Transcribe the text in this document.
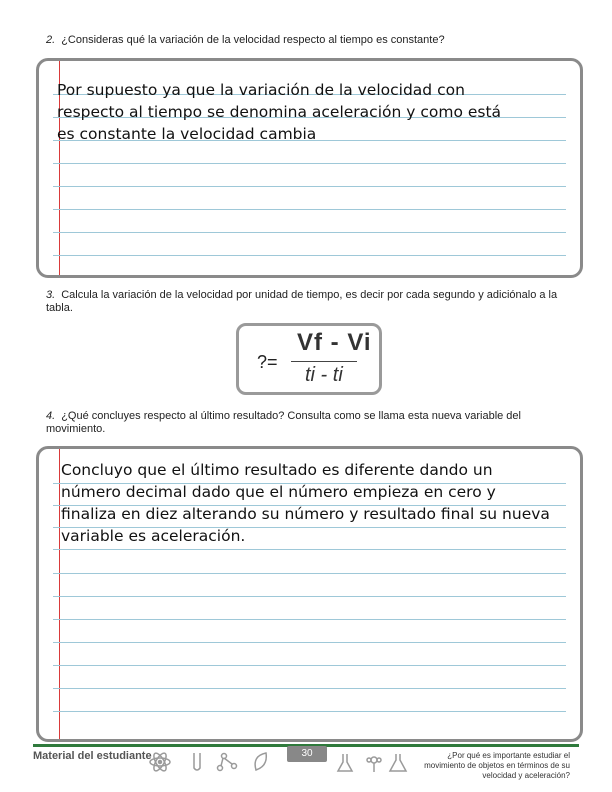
2. ¿Consideras qué la variación de la velocidad respecto al tiempo es constante?
Por supuesto ya que la variación de la velocidad con
respecto al tiempo se denomina aceleración y como está
es constante la velocidad cambia
3. Calcula la variación de la velocidad por unidad de tiempo, es decir por cada segundo y adiciónalo a la tabla.
?=
Vf - Vi
ti - ti
4. ¿Qué concluyes respecto al último resultado? Consulta como se llama esta nueva variable del movimiento.
Concluyo que el último resultado es diferente dando un
número decimal dado que el número empieza en cero y
finaliza en diez alterando su número y resultado final su nueva
variable es aceleración.
Material del estudiante	30	¿Por qué es importante estudiar el movimiento de objetos en términos de su velocidad y aceleración?
